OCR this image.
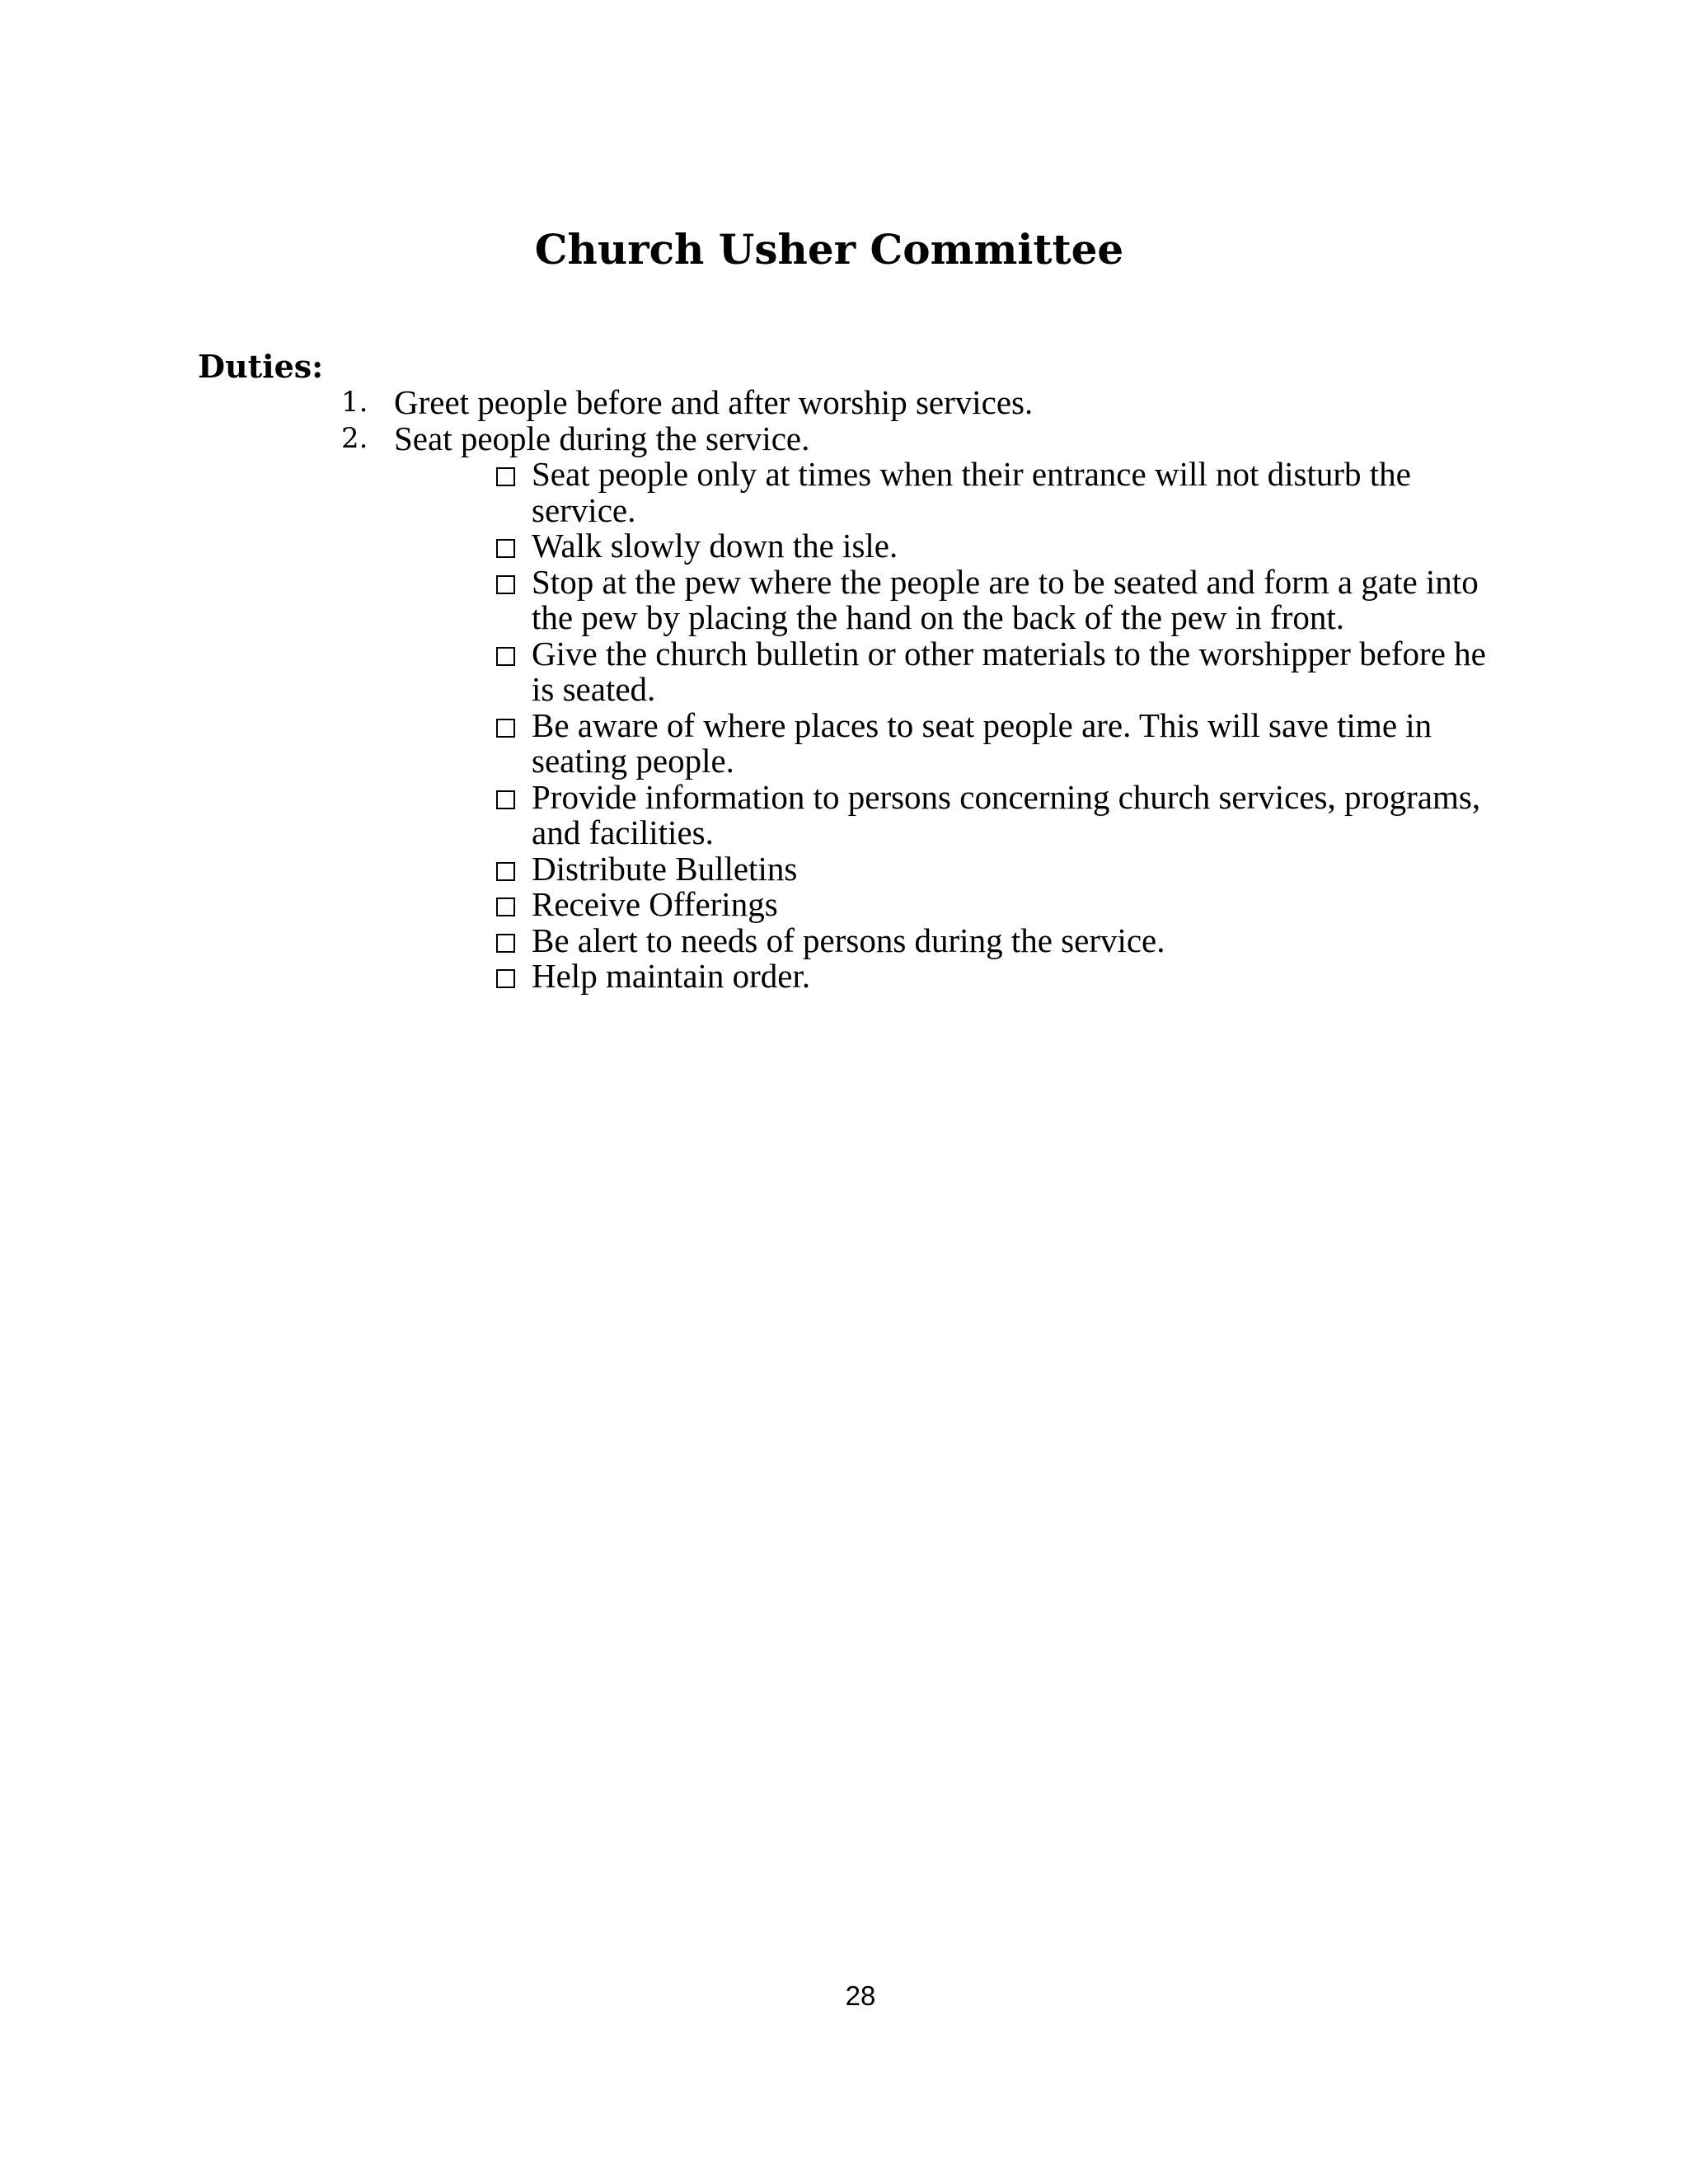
Church Usher Committee
Duties:
1. Greet people before and after worship services.
2. Seat people during the service.
Seat people only at times when their entrance will not disturb the service.
Walk slowly down the isle.
Stop at the pew where the people are to be seated and form a gate into the pew by placing the hand on the back of the pew in front.
Give the church bulletin or other materials to the worshipper before he is seated.
Be aware of where places to seat people are. This will save time in seating people.
Provide information to persons concerning church services, programs, and facilities.
Distribute Bulletins
Receive Offerings
Be alert to needs of persons during the service.
Help maintain order.
28
